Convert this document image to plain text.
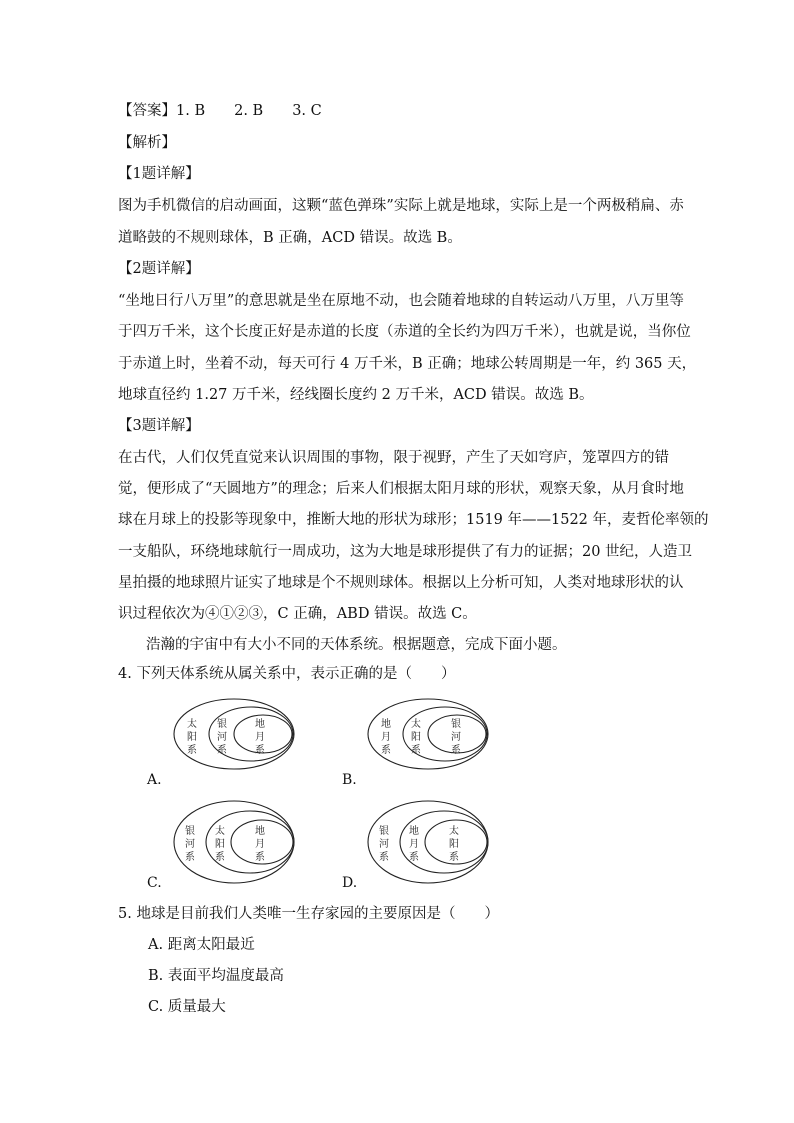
【答案】1. B　　2. B　　3. C
【解析】
【1题详解】
图为手机微信的启动画面，这颗“蓝色弹珠”实际上就是地球，实际上是一个两极稍扁、赤
道略鼓的不规则球体，B 正确，ACD 错误。故选 B。
【2题详解】
“坐地日行八万里”的意思就是坐在原地不动，也会随着地球的自转运动八万里，八万里等
于四万千米，这个长度正好是赤道的长度（赤道的全长约为四万千米），也就是说，当你位
于赤道上时，坐着不动，每天可行 4 万千米，B 正确；地球公转周期是一年，约 365 天，
地球直径约 1.27 万千米，经线圈长度约 2 万千米，ACD 错误。故选 B。
【3题详解】
在古代，人们仅凭直觉来认识周围的事物，限于视野，产生了天如穹庐，笼罩四方的错
觉，便形成了“天圆地方”的理念；后来人们根据太阳月球的形状，观察天象，从月食时地
球在月球上的投影等现象中，推断大地的形状为球形；1519 年——1522 年，麦哲伦率领的
一支船队，环绕地球航行一周成功，这为大地是球形提供了有力的证据；20 世纪，人造卫
星拍摄的地球照片证实了地球是个不规则球体。根据以上分析可知，人类对地球形状的认
识过程依次为④①②③，C 正确，ABD 错误。故选 C。
浩瀚的宇宙中有大小不同的天体系统。根据题意，完成下面小题。
4. 下列天体系统从属关系中，表示正确的是（　　）
太阳系
银河系
地月系
A.
地月系
太阳系
银河系
B.
银河系
太阳系
地月系
C.
银河系
地月系
太阳系
D.
5. 地球是目前我们人类唯一生存家园的主要原因是（　　）
A. 距离太阳最近
B. 表面平均温度最高
C. 质量最大
